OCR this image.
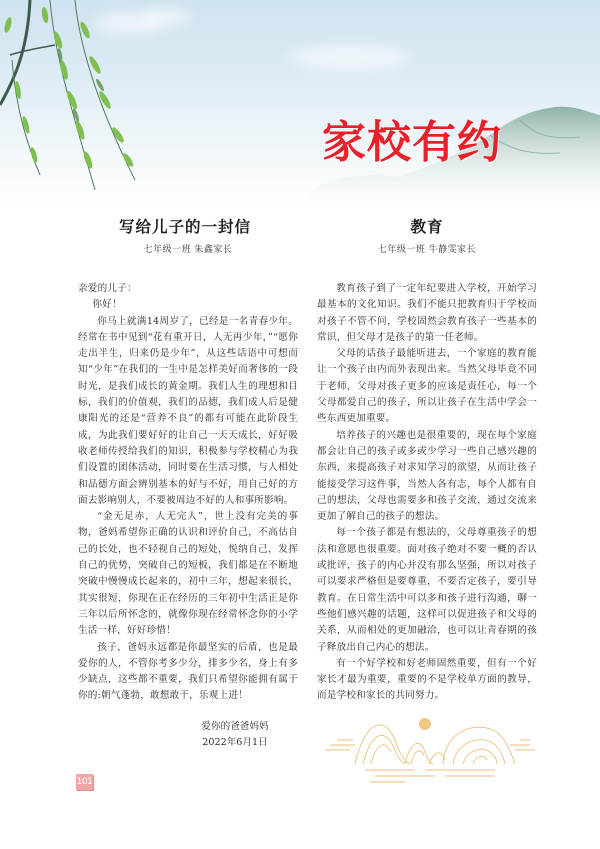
家校有约
写给儿子的一封信
七年级一班 朱鑫家长

亲爱的儿子：

你好！

你马上就满14周岁了，已经是一名青春少年。经常在书中见到“花有重开日，人无再少年，”“愿你走出半生，归来仍是少年”，从这些话语中可想而知“少年”在我们的一生中是怎样美好而奢侈的一段时光，是我们成长的黄金期。我们人生的理想和目标，我们的价值观，我们的品德，我们成人后是健康阳光的还是“营养不良”的都有可能在此阶段生成，为此我们要好好的让自己一天天成长，好好吸收老师传授给我们的知识，积极参与学校精心为我们设置的团体活动，同时要在生活习惯，与人相处和品德方面会辨别基本的好与不好，用自己好的方面去影响别人，不要被周边不好的人和事所影响。

“金无足赤，人无完人”，世上没有完美的事物，爸妈希望你正确的认识和评价自己，不高估自己的长处，也不轻视自己的短处，悦纳自己，发挥自己的优势，突破自己的短板，我们都是在不断地突破中慢慢成长起来的，初中三年，想起来很长，其实很短，你现在正在经历的三年初中生活正是你三年以后所怀念的，就像你现在经常怀念你的小学生活一样，好好珍惜！

孩子，爸妈永远都是你最坚实的后盾，也是最爱你的人，不管你考多少分，排多少名，身上有多少缺点，这些都不重要，我们只希望你能拥有属于你的:朝气蓬勃，敢想敢干，乐观上进！

爱你的爸爸妈妈
2022年6月1日
教育
七年级一班 牛静雯家长

教育孩子到了一定年纪要进入学校，开始学习最基本的文化知识。我们不能只把教育归于学校而对孩子不管不问，学校固然会教育孩子一些基本的常识，但父母才是孩子的第一任老师。

父母的话孩子最能听进去，一个家庭的教育能让一个孩子由内而外表现出来。当然父母毕竟不同于老师，父母对孩子更多的应该是责任心，每一个父母都爱自己的孩子，所以让孩子在生活中学会一些东西更加重要。

培养孩子的兴趣也是很重要的，现在每个家庭都会让自己的孩子或多或少学习一些自己感兴趣的东西，来提高孩子对求知学习的欲望，从而让孩子能接受学习这件事，当然人各有志，每个人都有自己的想法，父母也需要多和孩子交流，通过交流来更加了解自己的孩子的想法。

每一个孩子都是有想法的，父母尊重孩子的想法和意愿也很重要。面对孩子绝对不要一概的否认或批评，孩子的内心并没有那么坚强，所以对孩子可以要求严格但是要尊重，不要否定孩子，要引导教育。在日常生活中可以多和孩子进行沟通，聊一些他们感兴趣的话题，这样可以促进孩子和父母的关系，从而相处的更加融洽，也可以让青春期的孩子释放出自己内心的想法。

有一个好学校和好老师固然重要，但有一个好家长才最为重要，重要的不是学校单方面的教导，而是学校和家长的共同努力。

101
